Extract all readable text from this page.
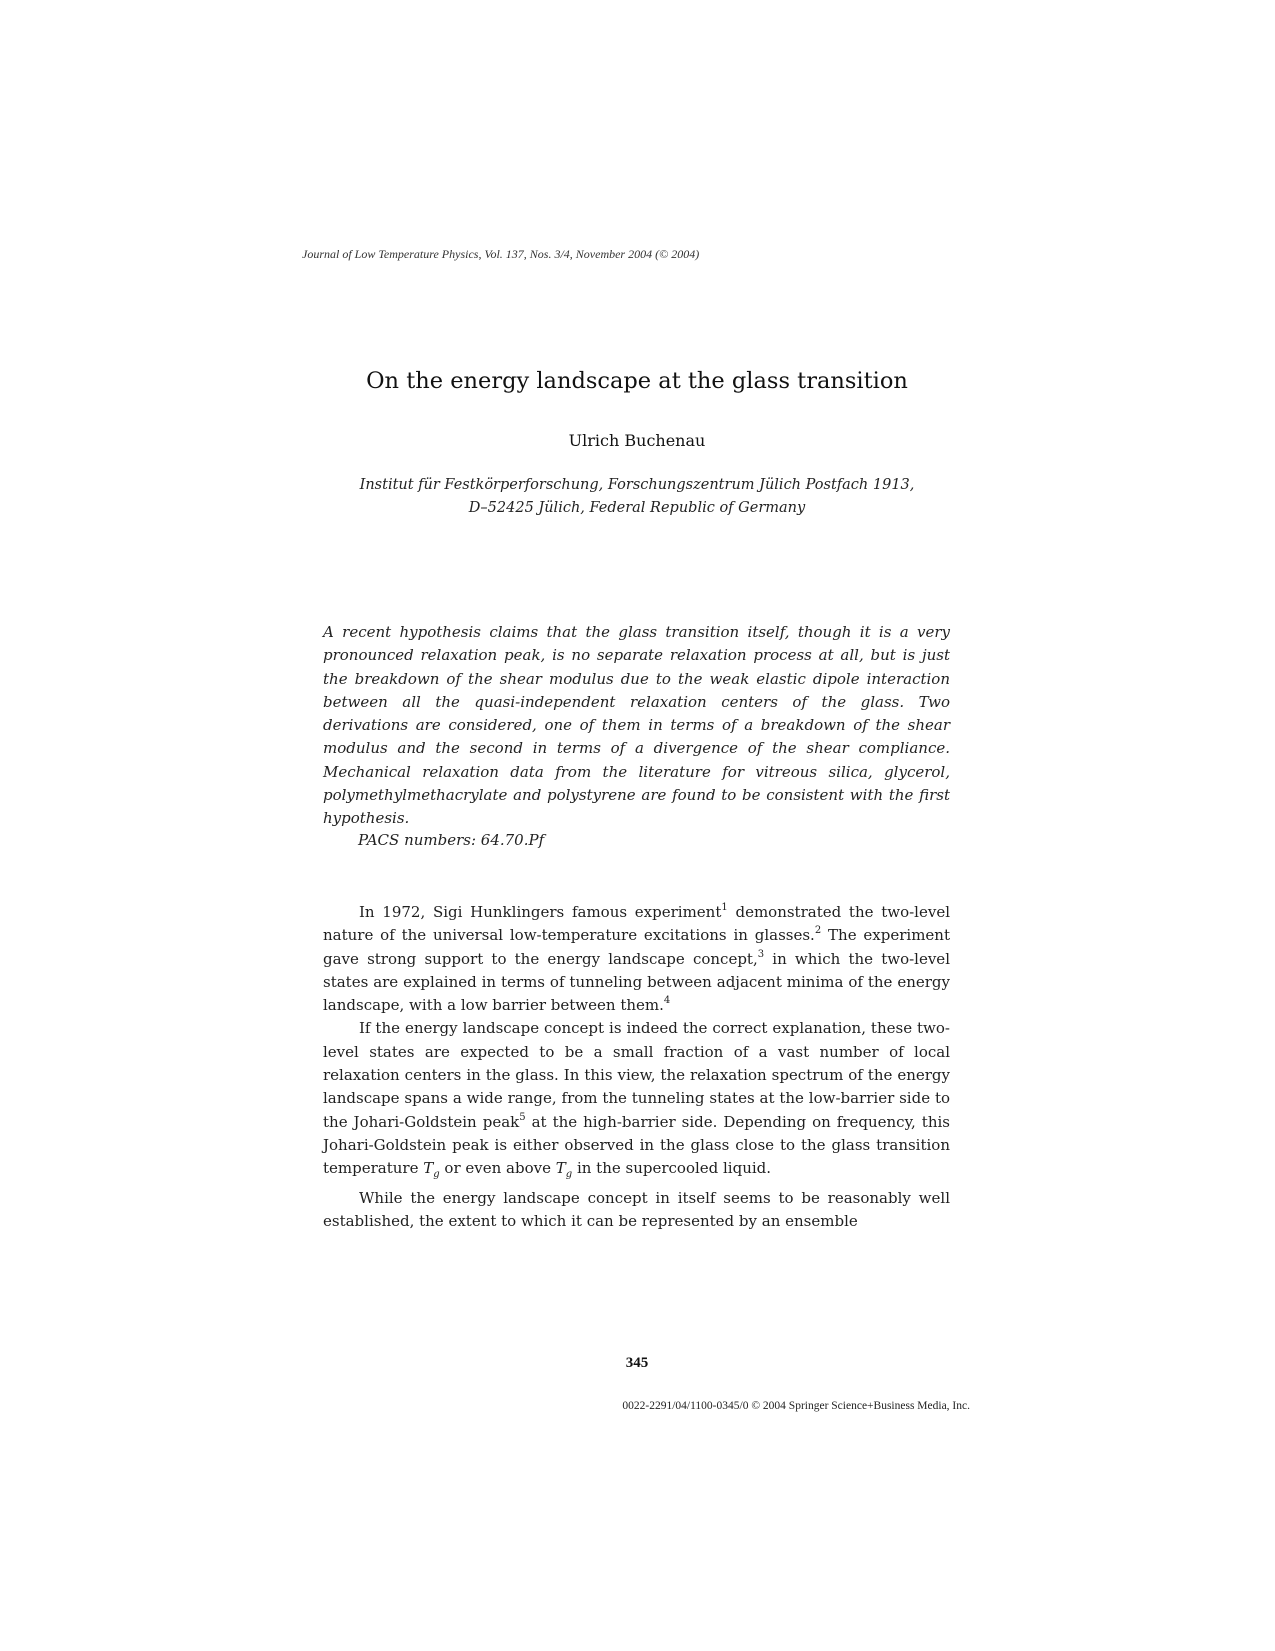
Journal of Low Temperature Physics, Vol. 137, Nos. 3/4, November 2004 (© 2004)
On the energy landscape at the glass transition
Ulrich Buchenau
Institut für Festkörperforschung, Forschungszentrum Jülich Postfach 1913,
D–52425 Jülich, Federal Republic of Germany

A recent hypothesis claims that the glass transition itself, though it is a very pronounced relaxation peak, is no separate relaxation process at all, but is just the breakdown of the shear modulus due to the weak elastic dipole interaction between all the quasi-independent relaxation centers of the glass. Two derivations are considered, one of them in terms of a breakdown of the shear modulus and the second in terms of a divergence of the shear compliance. Mechanical relaxation data from the literature for vitreous silica, glycerol, polymethylmethacrylate and polystyrene are found to be consistent with the first hypothesis.

PACS numbers: 64.70.Pf

In 1972, Sigi Hunklingers famous experiment$^1$ demonstrated the two-level nature of the universal low-temperature excitations in glasses.$^2$ The experiment gave strong support to the energy landscape concept,$^3$ in which the two-level states are explained in terms of tunneling between adjacent minima of the energy landscape, with a low barrier between them.$^4$

If the energy landscape concept is indeed the correct explanation, these two-level states are expected to be a small fraction of a vast number of local relaxation centers in the glass. In this view, the relaxation spectrum of the energy landscape spans a wide range, from the tunneling states at the low-barrier side to the Johari-Goldstein peak$^5$ at the high-barrier side. Depending on frequency, this Johari-Goldstein peak is either observed in the glass close to the glass transition temperature $T_g$ or even above $T_g$ in the supercooled liquid.

While the energy landscape concept in itself seems to be reasonably well established, the extent to which it can be represented by an ensemble

345
0022-2291/04/1100-0345/0 © 2004 Springer Science+Business Media, Inc.
